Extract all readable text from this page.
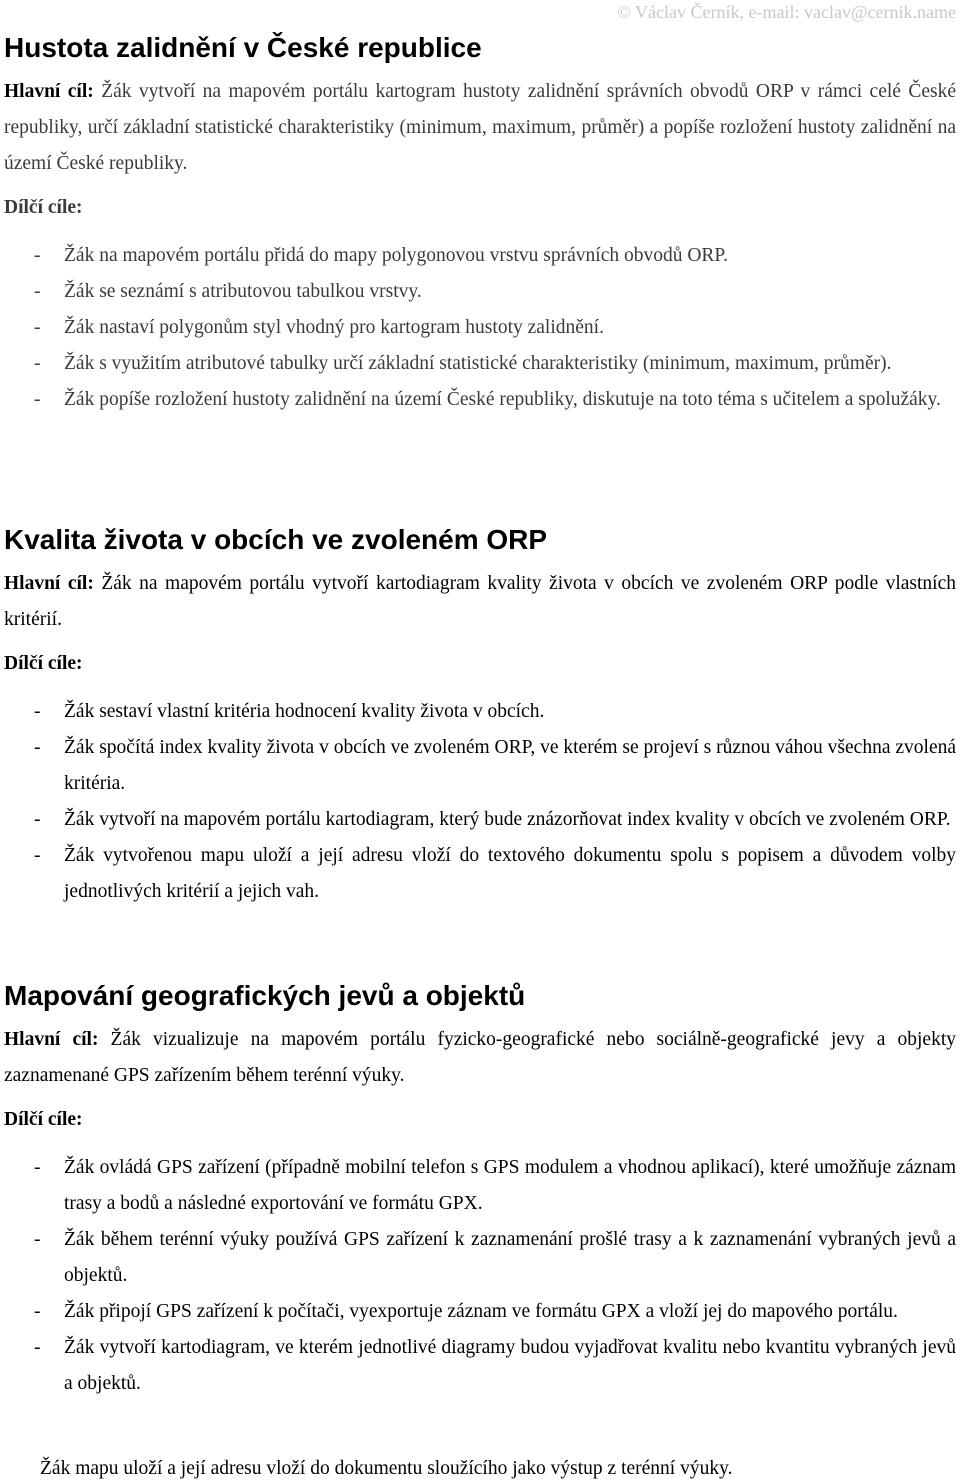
© Václav Černík, e-mail: vaclav@cernik.name
Hustota zalidnění v České republice

Hlavní cíl: Žák vytvoří na mapovém portálu kartogram hustoty zalidnění správních obvodů ORP v rámci celé České republiky, určí základní statistické charakteristiky (minimum, maximum, průměr) a popíše rozložení hustoty zalidnění na území České republiky.

Dílčí cíle:
- Žák na mapovém portálu přidá do mapy polygonovou vrstvu správních obvodů ORP.
- Žák se seznámí s atributovou tabulkou vrstvy.
- Žák nastaví polygonům styl vhodný pro kartogram hustoty zalidnění.
- Žák s využitím atributové tabulky určí základní statistické charakteristiky (minimum, maximum, průměr).
- Žák popíše rozložení hustoty zalidnění na území České republiky, diskutuje na toto téma s učitelem a spolužáky.
Kvalita života v obcích ve zvoleném ORP

Hlavní cíl: Žák na mapovém portálu vytvoří kartodiagram kvality života v obcích ve zvoleném ORP podle vlastních kritérií.

Dílčí cíle:
- Žák sestaví vlastní kritéria hodnocení kvality života v obcích.
- Žák spočítá index kvality života v obcích ve zvoleném ORP, ve kterém se projeví s různou váhou všechna zvolená kritéria.
- Žák vytvoří na mapovém portálu kartodiagram, který bude znázorňovat index kvality v obcích ve zvoleném ORP.
- Žák vytvořenou mapu uloží a její adresu vloží do textového dokumentu spolu s popisem a důvodem volby jednotlivých kritérií a jejich vah.
Mapování geografických jevů a objektů

Hlavní cíl: Žák vizualizuje na mapovém portálu fyzicko-geografické nebo sociálně-geografické jevy a objekty zaznamenané GPS zařízením během terénní výuky.

Dílčí cíle:
- Žák ovládá GPS zařízení (případně mobilní telefon s GPS modulem a vhodnou aplikací), které umožňuje záznam trasy a bodů a následné exportování ve formátu GPX.
- Žák během terénní výuky používá GPS zařízení k zaznamenání prošlé trasy a k zaznamenání vybraných jevů a objektů.
- Žák připojí GPS zařízení k počítači, vyexportuje záznam ve formátu GPX a vloží jej do mapového portálu.
- Žák vytvoří kartodiagram, ve kterém jednotlivé diagramy budou vyjadřovat kvalitu nebo kvantitu vybraných jevů a objektů.
Žák mapu uloží a její adresu vloží do dokumentu sloužícího jako výstup z terénní výuky.
